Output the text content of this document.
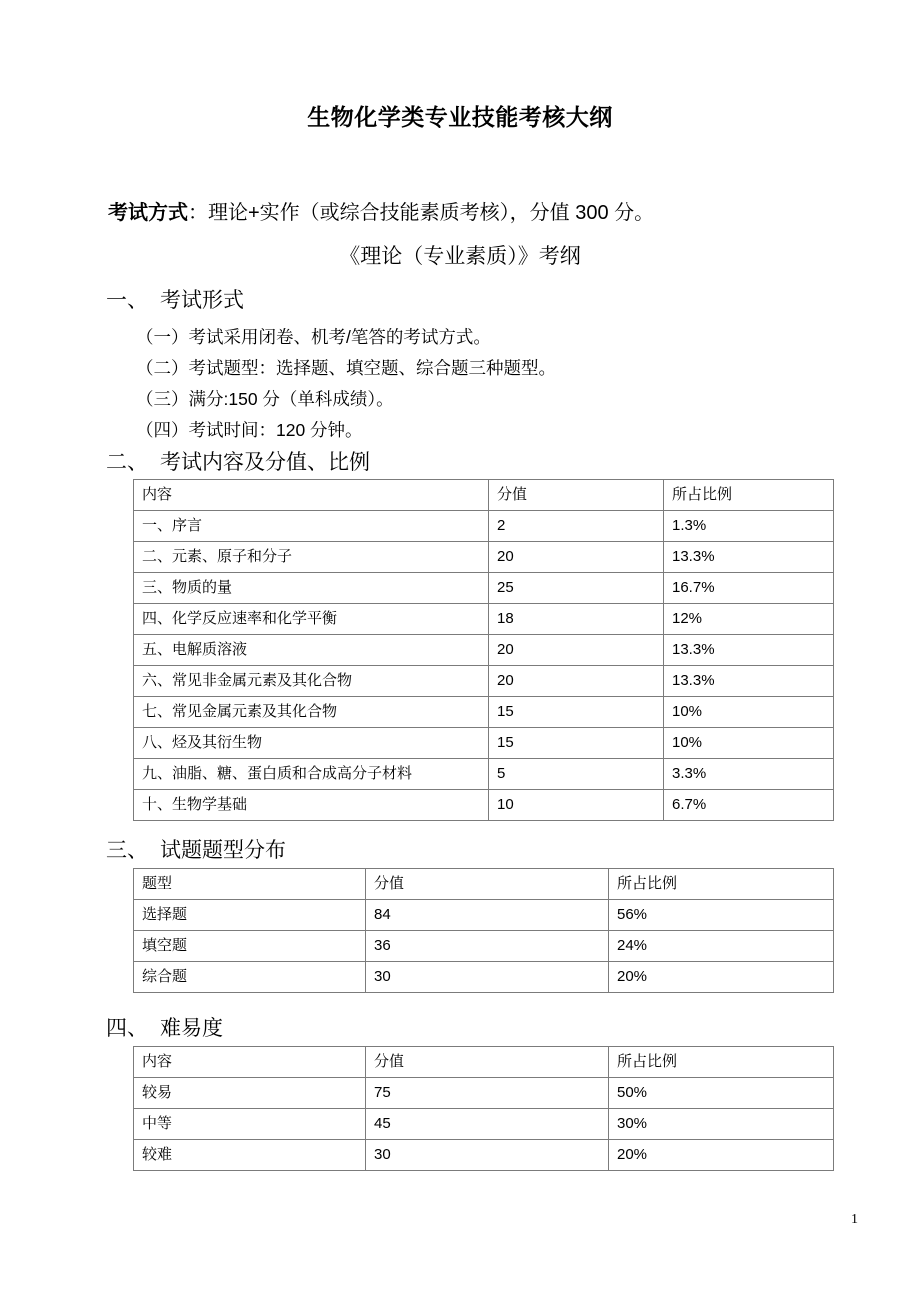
生物化学类专业技能考核大纲
考试方式：理论+实作（或综合技能素质考核），分值 300 分。
《理论（专业素质）》考纲
一、 考试形式
（一）考试采用闭卷、机考/笔答的考试方式。
（二）考试题型：选择题、填空题、综合题三种题型。
（三）满分:150 分（单科成绩）。
（四）考试时间：120 分钟。
二、 考试内容及分值、比例
内容	分值	所占比例
一、序言	2	1.3%
二、元素、原子和分子	20	13.3%
三、物质的量	25	16.7%
四、化学反应速率和化学平衡	18	12%
五、电解质溶液	20	13.3%
六、常见非金属元素及其化合物	20	13.3%
七、常见金属元素及其化合物	15	10%
八、烃及其衍生物	15	10%
九、油脂、糖、蛋白质和合成高分子材料	5	3.3%
十、生物学基础	10	6.7%
三、 试题题型分布
题型	分值	所占比例
选择题	84	56%
填空题	36	24%
综合题	30	20%
四、 难易度
内容	分值	所占比例
较易	75	50%
中等	45	30%
较难	30	20%
1
